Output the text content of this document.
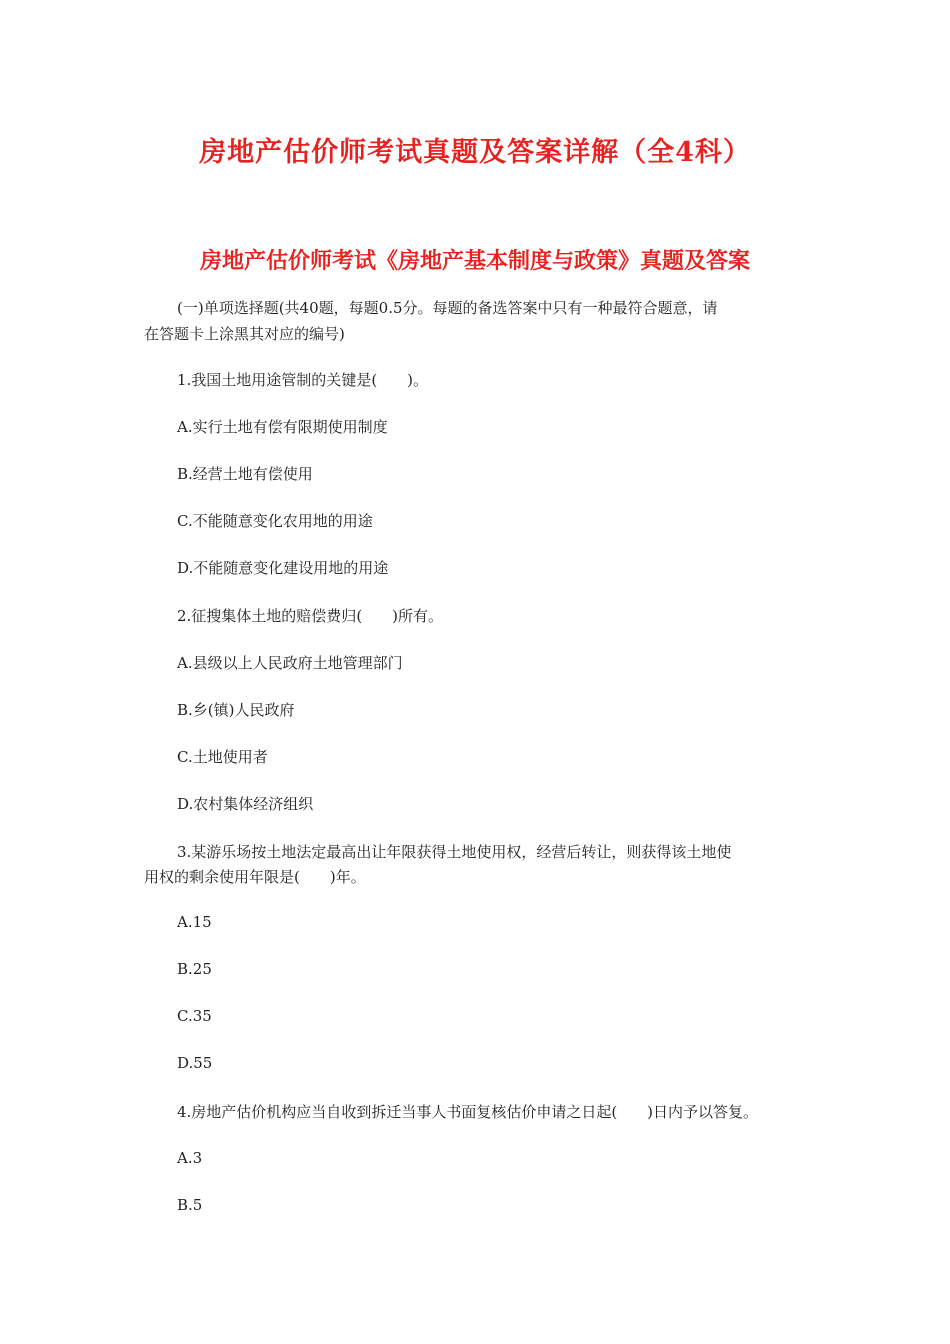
房地产估价师考试真题及答案详解（全4科）
房地产估价师考试《房地产基本制度与政策》真题及答案
(一)单项选择题(共40题，每题0.5分。每题的备选答案中只有一种最符合题意，请
在答题卡上涂黑其对应的编号)
1.我国土地用途管制的关键是(　　)。
A.实行土地有偿有限期使用制度
B.经营土地有偿使用
C.不能随意变化农用地的用途
D.不能随意变化建设用地的用途
2.征搜集体土地的赔偿费归(　　)所有。
A.县级以上人民政府土地管理部门
B.乡(镇)人民政府
C.土地使用者
D.农村集体经济组织
3.某游乐场按土地法定最高出让年限获得土地使用权，经营后转让，则获得该土地使
用权的剩余使用年限是(　　)年。
A.15
B.25
C.35
D.55
4.房地产估价机构应当自收到拆迁当事人书面复核估价申请之日起(　　)日内予以答复。
A.3
B.5
